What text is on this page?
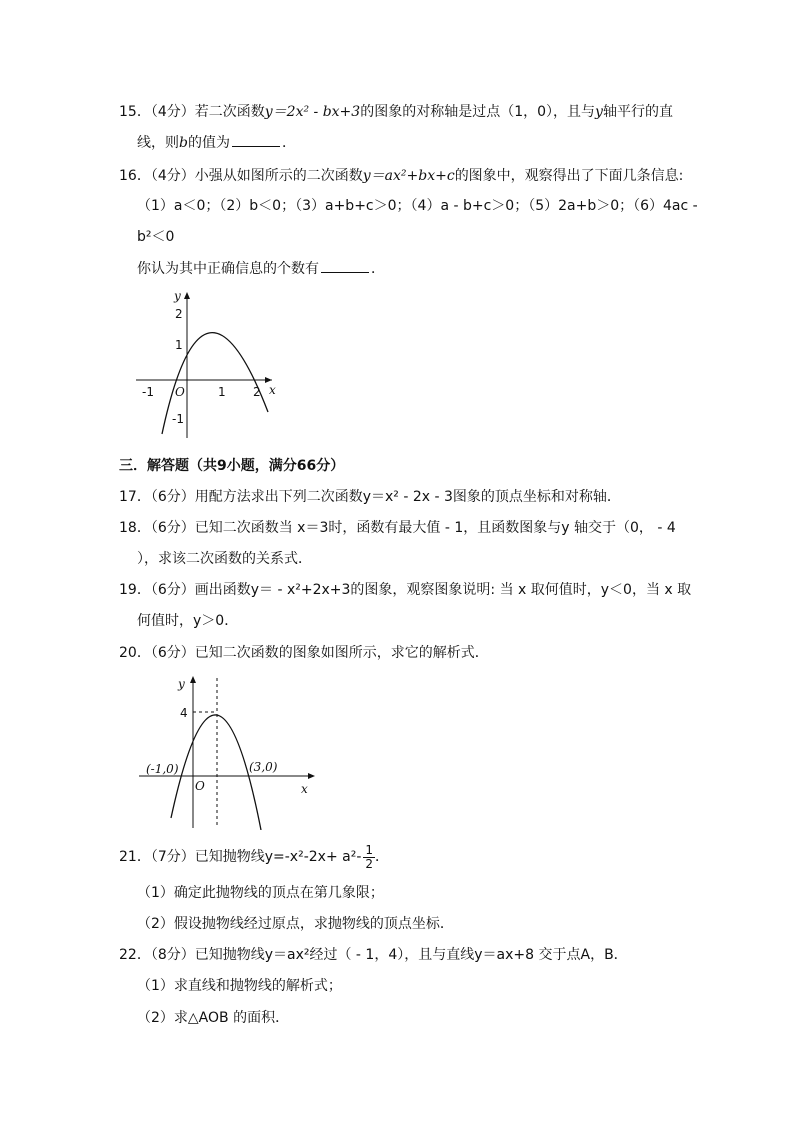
15．（4分）若二次函数y＝2x² - bx+3的图象的对称轴是过点（1，0），且与y轴平行的直
线，则b的值为	．
16．（4分）小强从如图所示的二次函数y＝ax²+bx+c的图象中，观察得出了下面几条信息:
（1）a＜0；（2）b＜0；（3）a+b+c＞0；（4）a - b+c＞0；（5）2a+b＞0；（6）4ac -
b²＜0
你认为其中正确信息的个数有	．
y
x
O
2
1
-1
-1	1 2
三．解答题（共9小题，满分66分）
17．（6分）用配方法求出下列二次函数y＝x² - 2x - 3图象的顶点坐标和对称轴．
18．（6分）已知二次函数当 x＝3时，函数有最大值 - 1，且函数图象与y 轴交于（0， - 4
），求该二次函数的关系式．
19．（6分）画出函数y＝ - x²+2x+3的图象，观察图象说明: 当 x 取何值时，y＜0，当 x 取
何值时，y＞0．
20．（6分）已知二次函数的图象如图所示，求它的解析式．
y
x
O
4
(-1,0)	(3,0)
21．（7分）已知抛物线$y=-x^2-2x+ a^2- \frac{1}{2}$ ．
（1）确定此抛物线的顶点在第几象限；
（2）假设抛物线经过原点，求抛物线的顶点坐标．
22．（8分）已知抛物线y＝ax²经过（ - 1，4），且与直线y＝ax+8 交于点A，B．
（1）求直线和抛物线的解析式；
（2）求△AOB 的面积．
